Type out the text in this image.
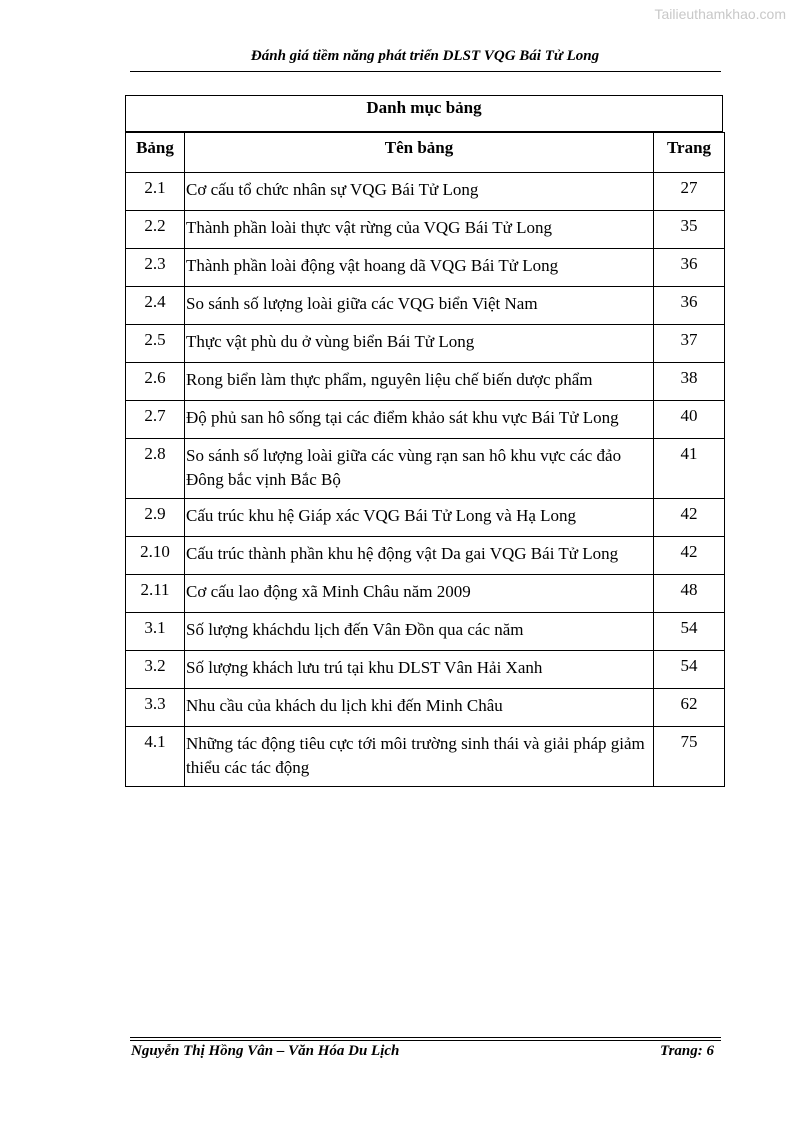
Tailieuthamkhao.com
Đánh giá tiềm năng phát triển DLST VQG Bái Tử Long
Danh mục bảng
Bảng	Tên bảng	Trang
2.1	Cơ cấu tổ chức nhân sự VQG Bái Tử Long	27
2.2	Thành phần loài thực vật rừng của VQG Bái Tử Long	35
2.3	Thành phần loài động vật hoang dã VQG Bái Tử Long	36
2.4	So sánh số lượng loài giữa các VQG biển Việt Nam	36
2.5	Thực vật phù du ở vùng biển Bái Tử Long	37
2.6	Rong biển làm thực phẩm, nguyên liệu chế biến dược phẩm	38
2.7	Độ phủ san hô sống tại các điểm khảo sát khu vực Bái Tử Long	40
2.8	So sánh số lượng loài giữa các vùng rạn san hô khu vực các đảo Đông bắc vịnh Bắc Bộ	41
2.9	Cấu trúc khu hệ Giáp xác VQG Bái Tử Long và Hạ Long	42
2.10	Cấu trúc thành phần khu hệ động vật Da gai VQG Bái Tử Long	42
2.11	Cơ cấu lao động xã Minh Châu năm 2009	48
3.1	Số lượng kháchdu lịch đến Vân Đồn qua các năm	54
3.2	Số lượng khách lưu trú tại khu DLST Vân Hải Xanh	54
3.3	Nhu cầu của khách du lịch khi đến Minh Châu	62
4.1	Những tác động tiêu cực tới môi trường sinh thái và giải pháp giảm thiểu các tác động	75
Nguyễn Thị Hồng Vân – Văn Hóa Du Lịch	Trang: 6
